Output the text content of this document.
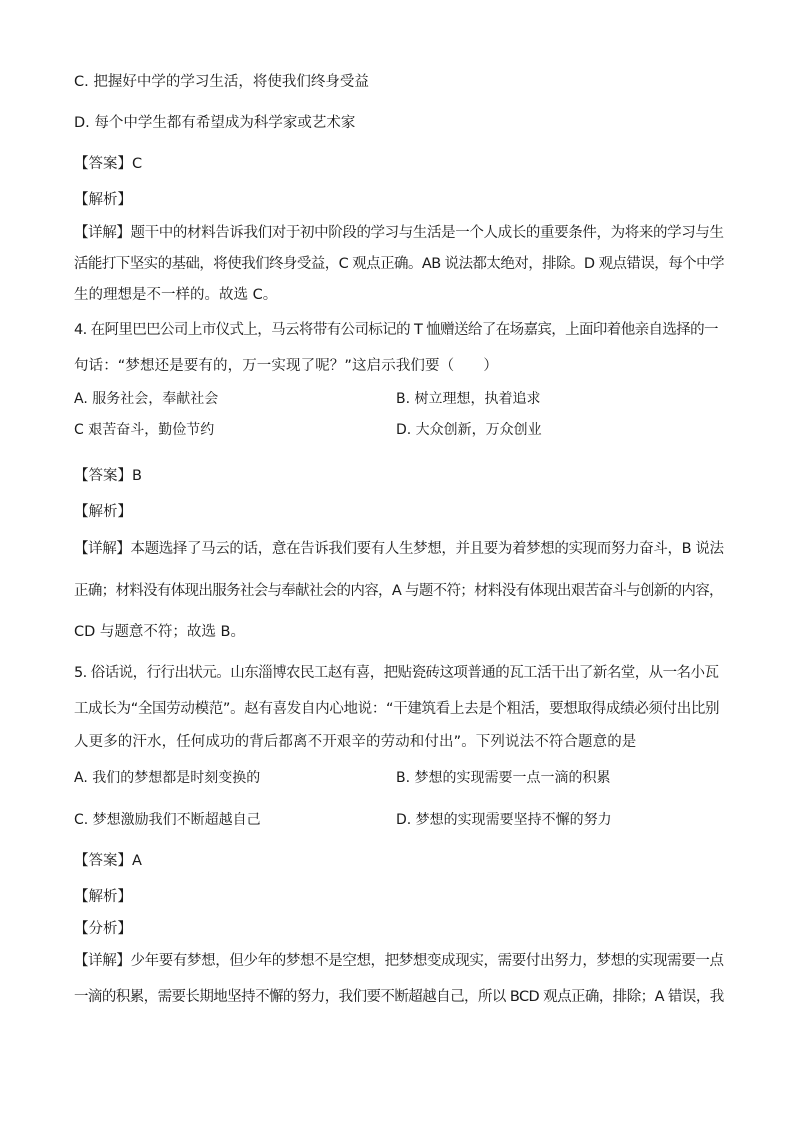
C. 把握好中学的学习生活，将使我们终身受益
D. 每个中学生都有希望成为科学家或艺术家
【答案】C
【解析】
【详解】题干中的材料告诉我们对于初中阶段的学习与生活是一个人成长的重要条件，为将来的学习与生
活能打下坚实的基础，将使我们终身受益，C 观点正确。AB 说法都太绝对，排除。D 观点错误，每个中学
生的理想是不一样的。故选 C。
4. 在阿里巴巴公司上市仪式上，马云将带有公司标记的 T 恤赠送给了在场嘉宾，上面印着他亲自选择的一
句话：“梦想还是要有的，万一实现了呢？”这启示我们要（　　）
A. 服务社会，奉献社会	B. 树立理想，执着追求
C 艰苦奋斗，勤俭节约	D. 大众创新，万众创业
【答案】B
【解析】
【详解】本题选择了马云的话，意在告诉我们要有人生梦想，并且要为着梦想的实现而努力奋斗，B 说法
正确；材料没有体现出服务社会与奉献社会的内容，A 与题不符；材料没有体现出艰苦奋斗与创新的内容，
CD 与题意不符；故选 B。
5. 俗话说，行行出状元。山东淄博农民工赵有喜，把贴瓷砖这项普通的瓦工活干出了新名堂，从一名小瓦
工成长为“全国劳动模范”。赵有喜发自内心地说：“干建筑看上去是个粗活，要想取得成绩必须付出比别
人更多的汗水，任何成功的背后都离不开艰辛的劳动和付出”。下列说法不符合题意的是
A. 我们的梦想都是时刻变换的	B. 梦想的实现需要一点一滴的积累
C. 梦想激励我们不断超越自己	D. 梦想的实现需要坚持不懈的努力
【答案】A
【解析】
【分析】
【详解】少年要有梦想，但少年的梦想不是空想，把梦想变成现实，需要付出努力，梦想的实现需要一点
一滴的积累，需要长期地坚持不懈的努力，我们要不断超越自己，所以 BCD 观点正确，排除；A 错误，我
